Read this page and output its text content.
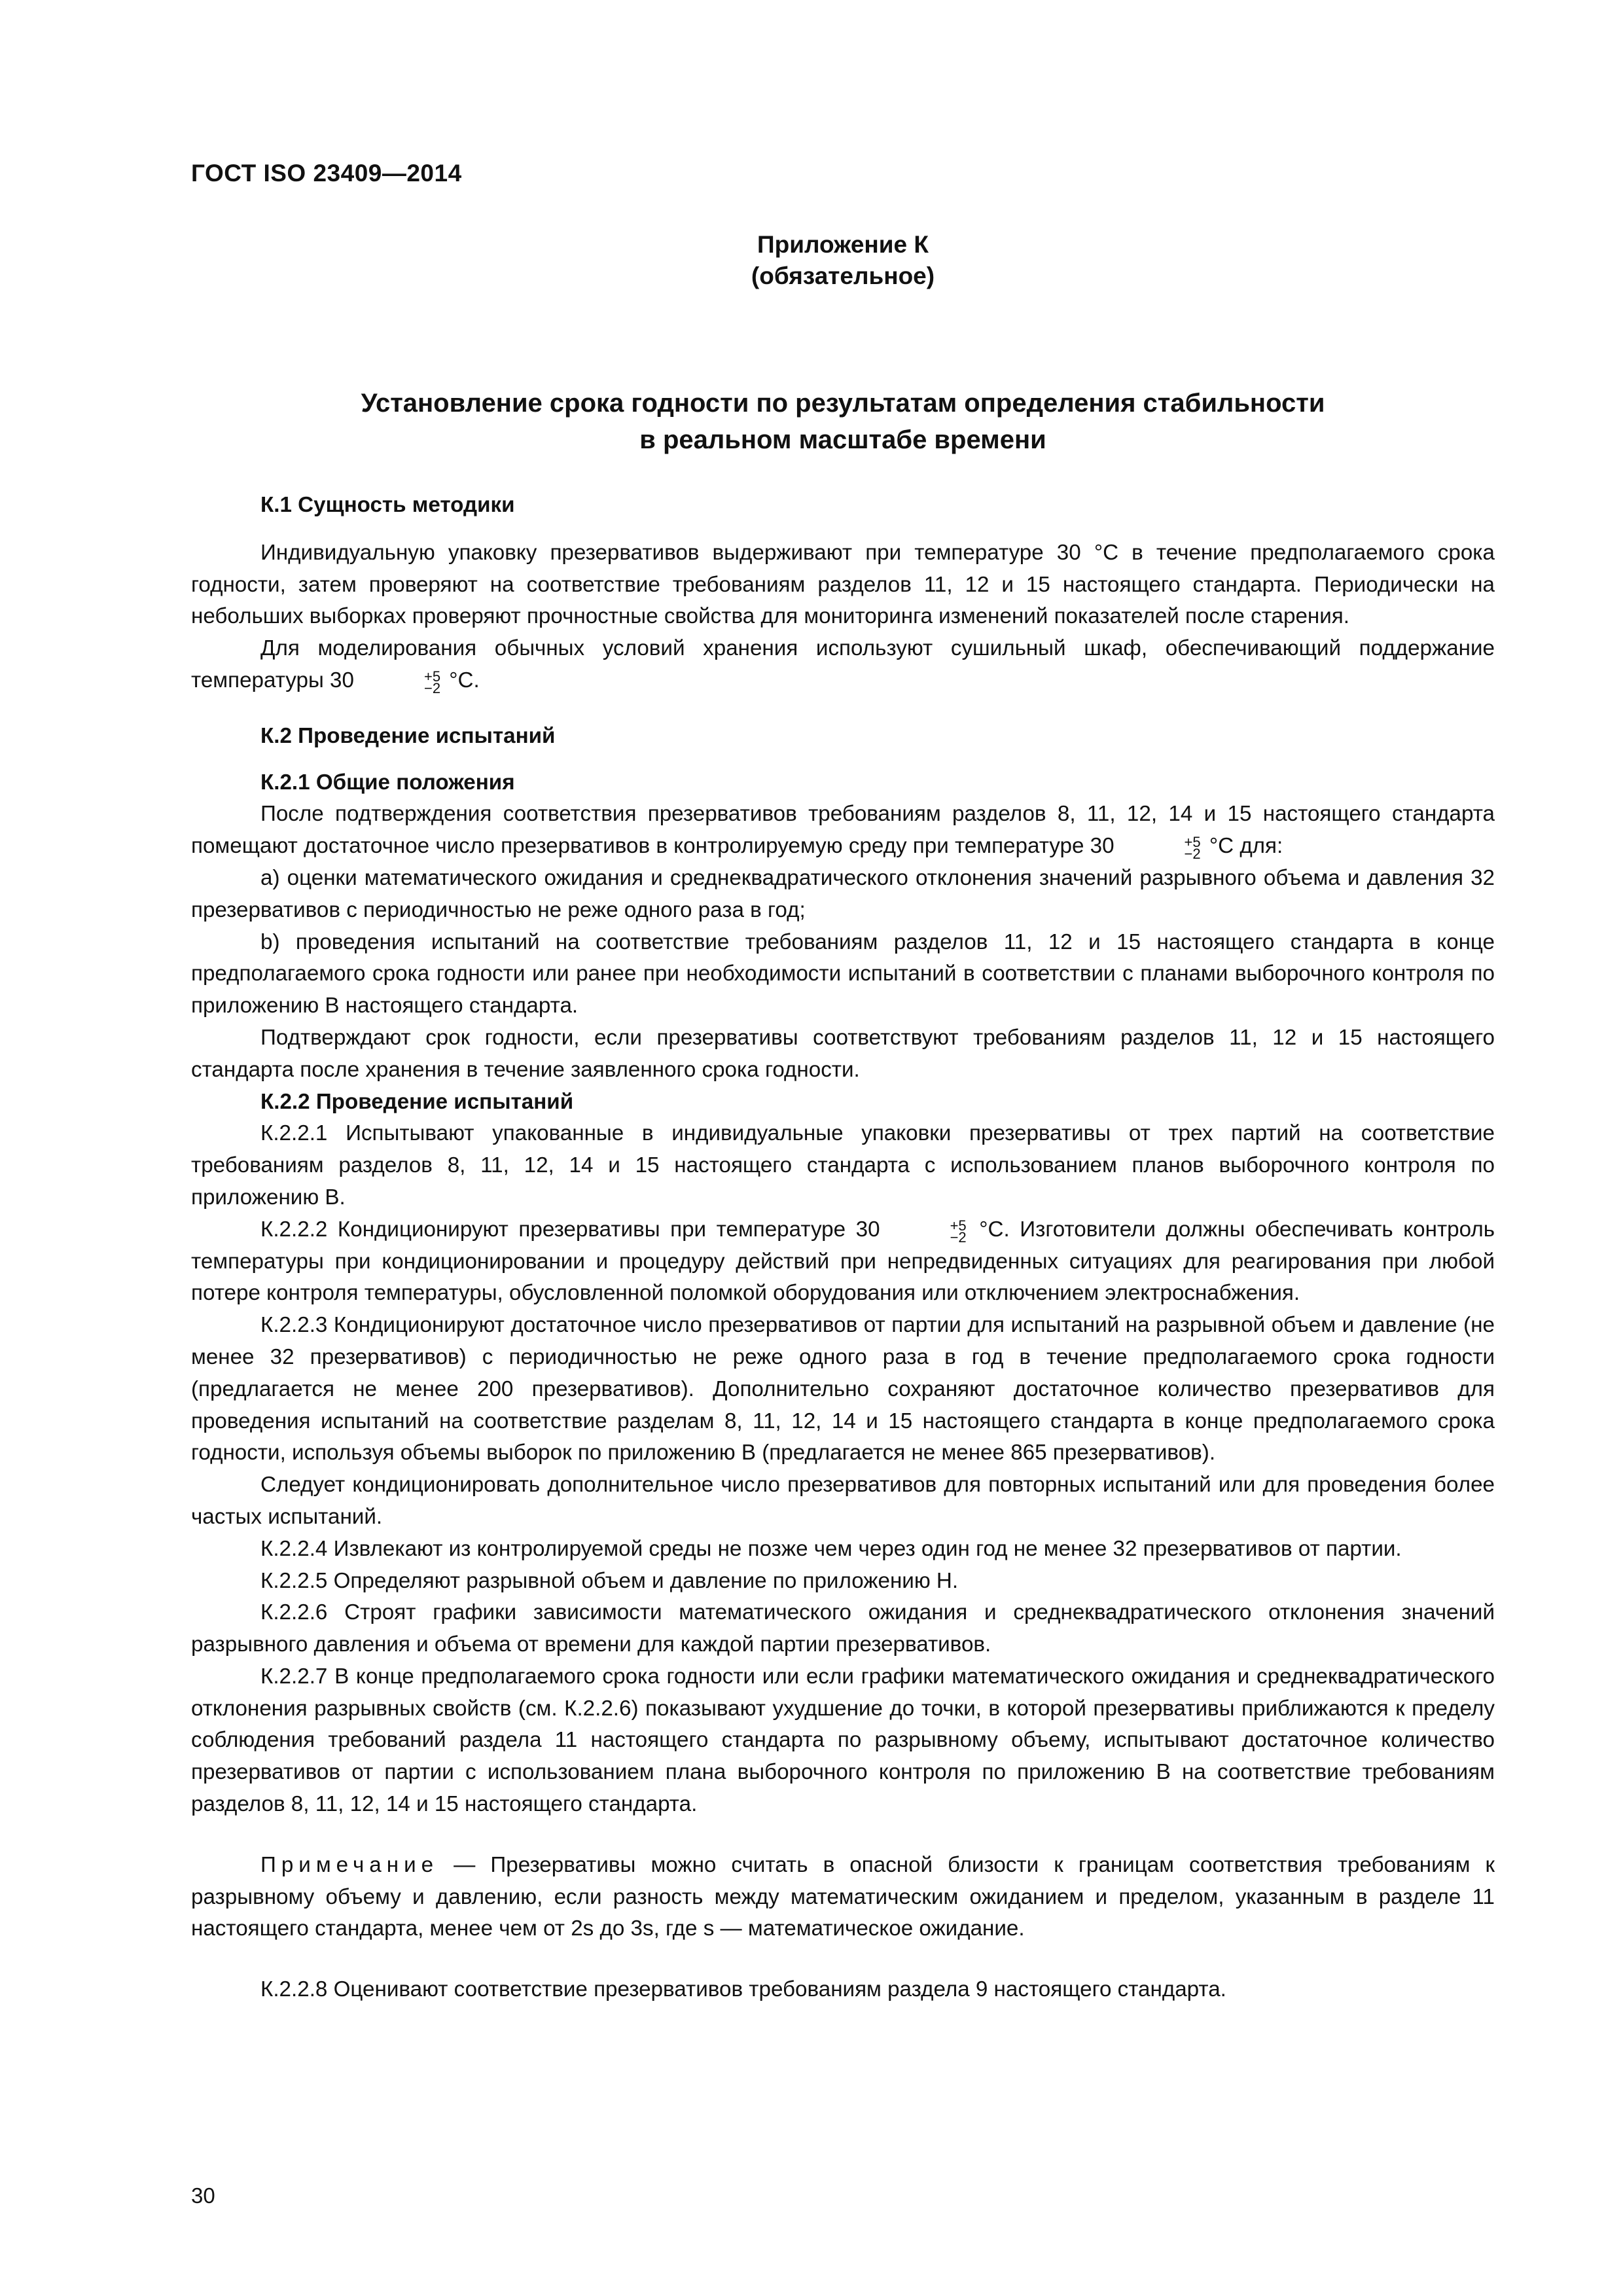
ГОСТ ISO 23409—2014
Приложение К
(обязательное)
Установление срока годности по результатам определения стабильности
в реальном масштабе времени
К.1 Сущность методики

Индивидуальную упаковку презервативов выдерживают при температуре 30 °С в течение предполагаемого срока годности, затем проверяют на соответствие требованиям разделов 11, 12 и 15 настоящего стандарта. Периодически на небольших выборках проверяют прочностные свойства для мониторинга изменений показателей после старения.

Для моделирования обычных условий хранения используют сушильный шкаф, обеспечивающий поддержание температуры 30	+5
−2 °С.

К.2 Проведение испытаний
К.2.1 Общие положения

После подтверждения соответствия презервативов требованиям разделов 8, 11, 12, 14 и 15 настоящего стандарта помещают достаточное число презервативов в контролируемую среду при температуре 30	+5
−2 °С для:

a) оценки математического ожидания и среднеквадратического отклонения значений разрывного объема и давления 32 презервативов с периодичностью не реже одного раза в год;

b) проведения испытаний на соответствие требованиям разделов 11, 12 и 15 настоящего стандарта в конце предполагаемого срока годности или ранее при необходимости испытаний в соответствии с планами выборочного контроля по приложению В настоящего стандарта.

Подтверждают срок годности, если презервативы соответствуют требованиям разделов 11, 12 и 15 настоящего стандарта после хранения в течение заявленного срока годности.

К.2.2 Проведение испытаний

К.2.2.1 Испытывают упакованные в индивидуальные упаковки презервативы от трех партий на соответствие требованиям разделов 8, 11, 12, 14 и 15 настоящего стандарта с использованием планов выборочного контроля по приложению В.

К.2.2.2 Кондиционируют презервативы при температуре 30	+5
−2 °С. Изготовители должны обеспечивать контроль температуры при кондиционировании и процедуру действий при непредвиденных ситуациях для реагирования при любой потере контроля температуры, обусловленной поломкой оборудования или отключением электроснабжения.

К.2.2.3 Кондиционируют достаточное число презервативов от партии для испытаний на разрывной объем и давление (не менее 32 презервативов) с периодичностью не реже одного раза в год в течение предполагаемого срока годности (предлагается не менее 200 презервативов). Дополнительно сохраняют достаточное количество презервативов для проведения испытаний на соответствие разделам 8, 11, 12, 14 и 15 настоящего стандарта в конце предполагаемого срока годности, используя объемы выборок по приложению В (предлагается не менее 865 презервативов).

Следует кондиционировать дополнительное число презервативов для повторных испытаний или для проведения более частых испытаний.

К.2.2.4 Извлекают из контролируемой среды не позже чем через один год не менее 32 презервативов от партии.

К.2.2.5 Определяют разрывной объем и давление по приложению Н.

К.2.2.6 Строят графики зависимости математического ожидания и среднеквадратического отклонения значений разрывного давления и объема от времени для каждой партии презервативов.

К.2.2.7 В конце предполагаемого срока годности или если графики математического ожидания и среднеквадратического отклонения разрывных свойств (см. К.2.2.6) показывают ухудшение до точки, в которой презервативы приближаются к пределу соблюдения требований раздела 11 настоящего стандарта по разрывному объему, испытывают достаточное количество презервативов от партии с использованием плана выборочного контроля по приложению В на соответствие требованиям разделов 8, 11, 12, 14 и 15 настоящего стандарта.

Примечание — Презервативы можно считать в опасной близости к границам соответствия требованиям к разрывному объему и давлению, если разность между математическим ожиданием и пределом, указанным в разделе 11 настоящего стандарта, менее чем от 2s до 3s, где s — математическое ожидание.

К.2.2.8 Оценивают соответствие презервативов требованиям раздела 9 настоящего стандарта.

30
